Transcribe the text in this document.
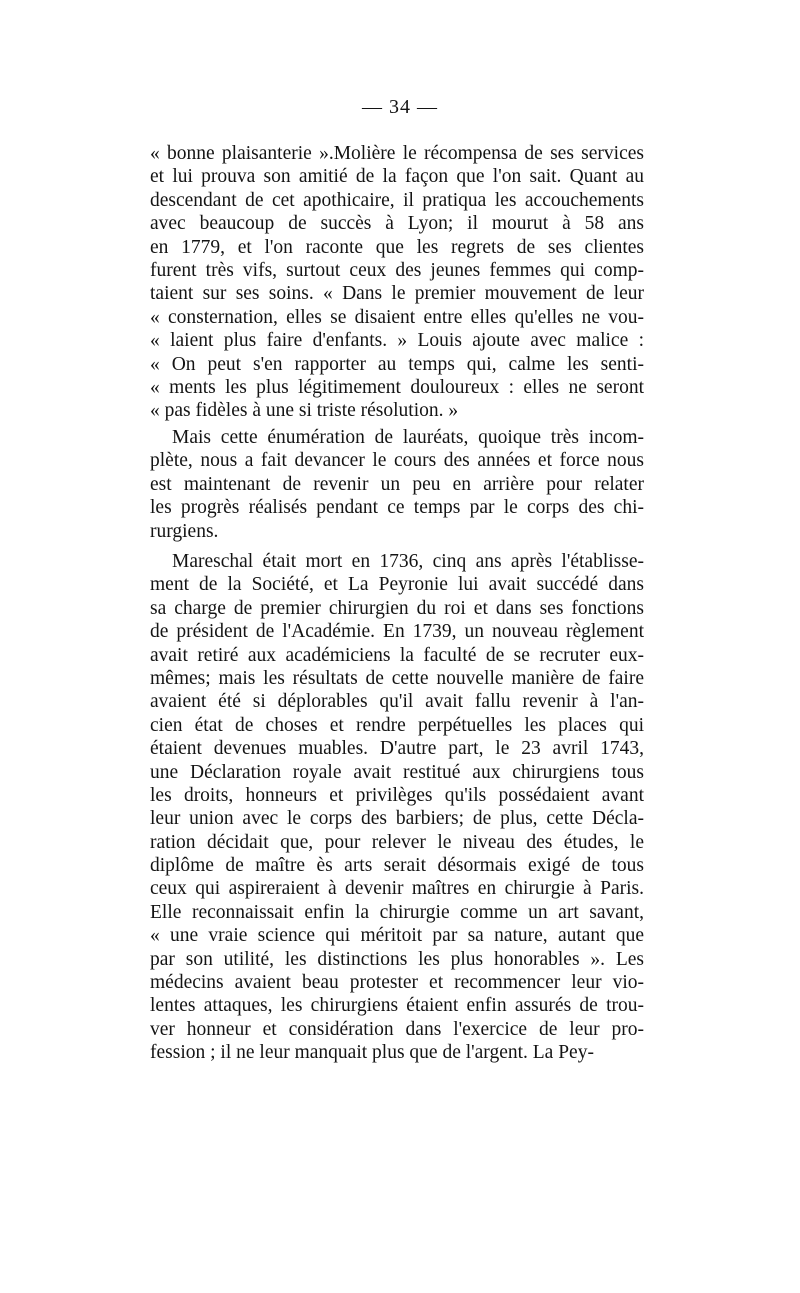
— 34 —
« bonne plaisanterie ».Molière le récompensa de ses services
et lui prouva son amitié de la façon que l'on sait. Quant au
descendant de cet apothicaire, il pratiqua les accouchements
avec beaucoup de succès à Lyon; il mourut à 58 ans
en 1779, et l'on raconte que les regrets de ses clientes
furent très vifs, surtout ceux des jeunes femmes qui comp-
taient sur ses soins. « Dans le premier mouvement de leur
« consternation, elles se disaient entre elles qu'elles ne vou-
« laient plus faire d'enfants. » Louis ajoute avec malice :
« On peut s'en rapporter au temps qui, calme les senti-
« ments les plus légitimement douloureux : elles ne seront
« pas fidèles à une si triste résolution. »
Mais cette énumération de lauréats, quoique très incom-
plète, nous a fait devancer le cours des années et force nous
est maintenant de revenir un peu en arrière pour relater
les progrès réalisés pendant ce temps par le corps des chi-
rurgiens.
Mareschal était mort en 1736, cinq ans après l'établisse-
ment de la Société, et La Peyronie lui avait succédé dans
sa charge de premier chirurgien du roi et dans ses fonctions
de président de l'Académie. En 1739, un nouveau règlement
avait retiré aux académiciens la faculté de se recruter eux-
mêmes; mais les résultats de cette nouvelle manière de faire
avaient été si déplorables qu'il avait fallu revenir à l'an-
cien état de choses et rendre perpétuelles les places qui
étaient devenues muables. D'autre part, le 23 avril 1743,
une Déclaration royale avait restitué aux chirurgiens tous
les droits, honneurs et privilèges qu'ils possédaient avant
leur union avec le corps des barbiers; de plus, cette Décla-
ration décidait que, pour relever le niveau des études, le
diplôme de maître ès arts serait désormais exigé de tous
ceux qui aspireraient à devenir maîtres en chirurgie à Paris.
Elle reconnaissait enfin la chirurgie comme un art savant,
« une vraie science qui méritoit par sa nature, autant que
par son utilité, les distinctions les plus honorables ». Les
médecins avaient beau protester et recommencer leur vio-
lentes attaques, les chirurgiens étaient enfin assurés de trou-
ver honneur et considération dans l'exercice de leur pro-
fession ; il ne leur manquait plus que de l'argent. La Pey-
